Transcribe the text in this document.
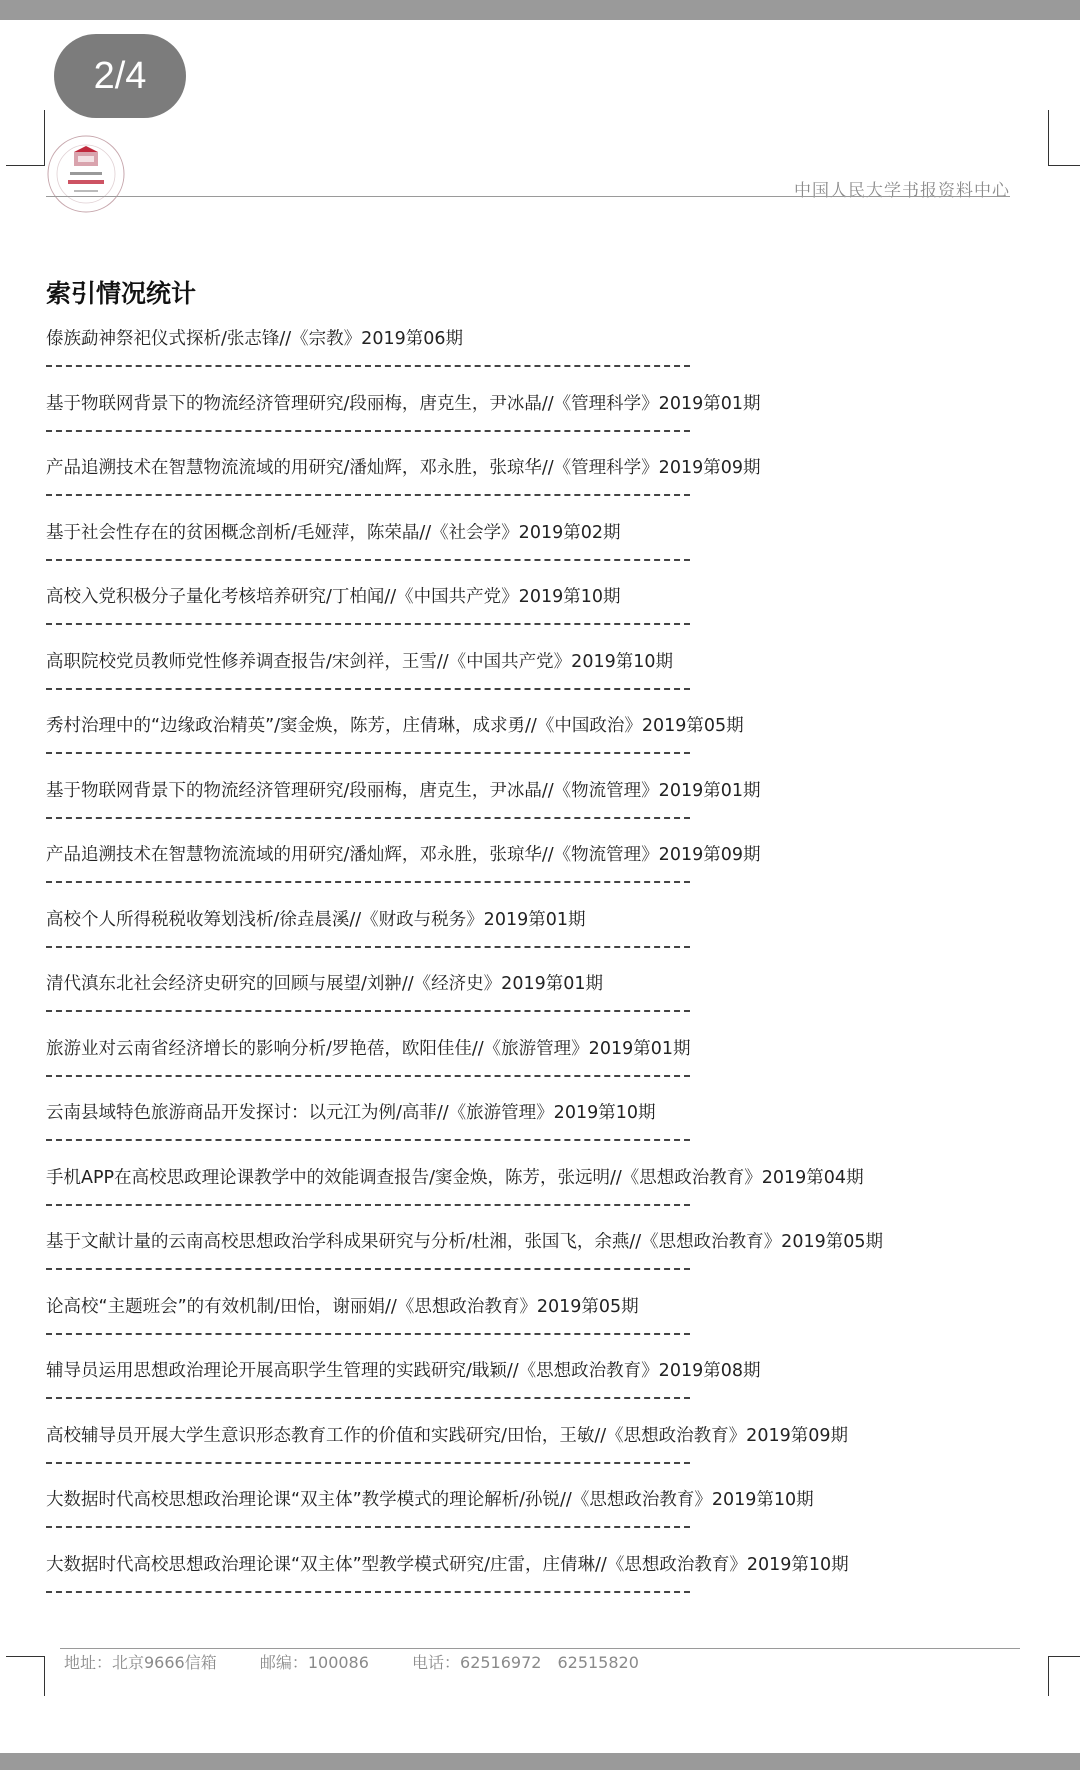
2/4
中国人民大学书报资料中心
索引情况统计
傣族勐神祭祀仪式探析/张志锋//《宗教》2019第06期
基于物联网背景下的物流经济管理研究/段丽梅，唐克生，尹冰晶//《管理科学》2019第01期
产品追溯技术在智慧物流流域的用研究/潘灿辉，邓永胜，张琼华//《管理科学》2019第09期
基于社会性存在的贫困概念剖析/毛娅萍，陈荣晶//《社会学》2019第02期
高校入党积极分子量化考核培养研究/丁柏闻//《中国共产党》2019第10期
高职院校党员教师党性修养调查报告/宋剑祥，王雪//《中国共产党》2019第10期
秀村治理中的“边缘政治精英”/窦金焕，陈芳，庄倩琳，成求勇//《中国政治》2019第05期
基于物联网背景下的物流经济管理研究/段丽梅，唐克生，尹冰晶//《物流管理》2019第01期
产品追溯技术在智慧物流流域的用研究/潘灿辉，邓永胜，张琼华//《物流管理》2019第09期
高校个人所得税税收筹划浅析/徐垚晨溪//《财政与税务》2019第01期
清代滇东北社会经济史研究的回顾与展望/刘翀//《经济史》2019第01期
旅游业对云南省经济增长的影响分析/罗艳蓓，欧阳佳佳//《旅游管理》2019第01期
云南县域特色旅游商品开发探讨：以元江为例/高菲//《旅游管理》2019第10期
手机APP在高校思政理论课教学中的效能调查报告/窦金焕，陈芳，张远明//《思想政治教育》2019第04期
基于文献计量的云南高校思想政治学科成果研究与分析/杜湘，张国飞，余燕//《思想政治教育》2019第05期
论高校“主题班会”的有效机制/田怡，谢丽娟//《思想政治教育》2019第05期
辅导员运用思想政治理论开展高职学生管理的实践研究/戢颖//《思想政治教育》2019第08期
高校辅导员开展大学生意识形态教育工作的价值和实践研究/田怡，王敏//《思想政治教育》2019第09期
大数据时代高校思想政治理论课“双主体”教学模式的理论解析/孙锐//《思想政治教育》2019第10期
大数据时代高校思想政治理论课“双主体”型教学模式研究/庄雷，庄倩琳//《思想政治教育》2019第10期
地址：北京9666信箱	邮编：100086	电话：62516972　62515820
